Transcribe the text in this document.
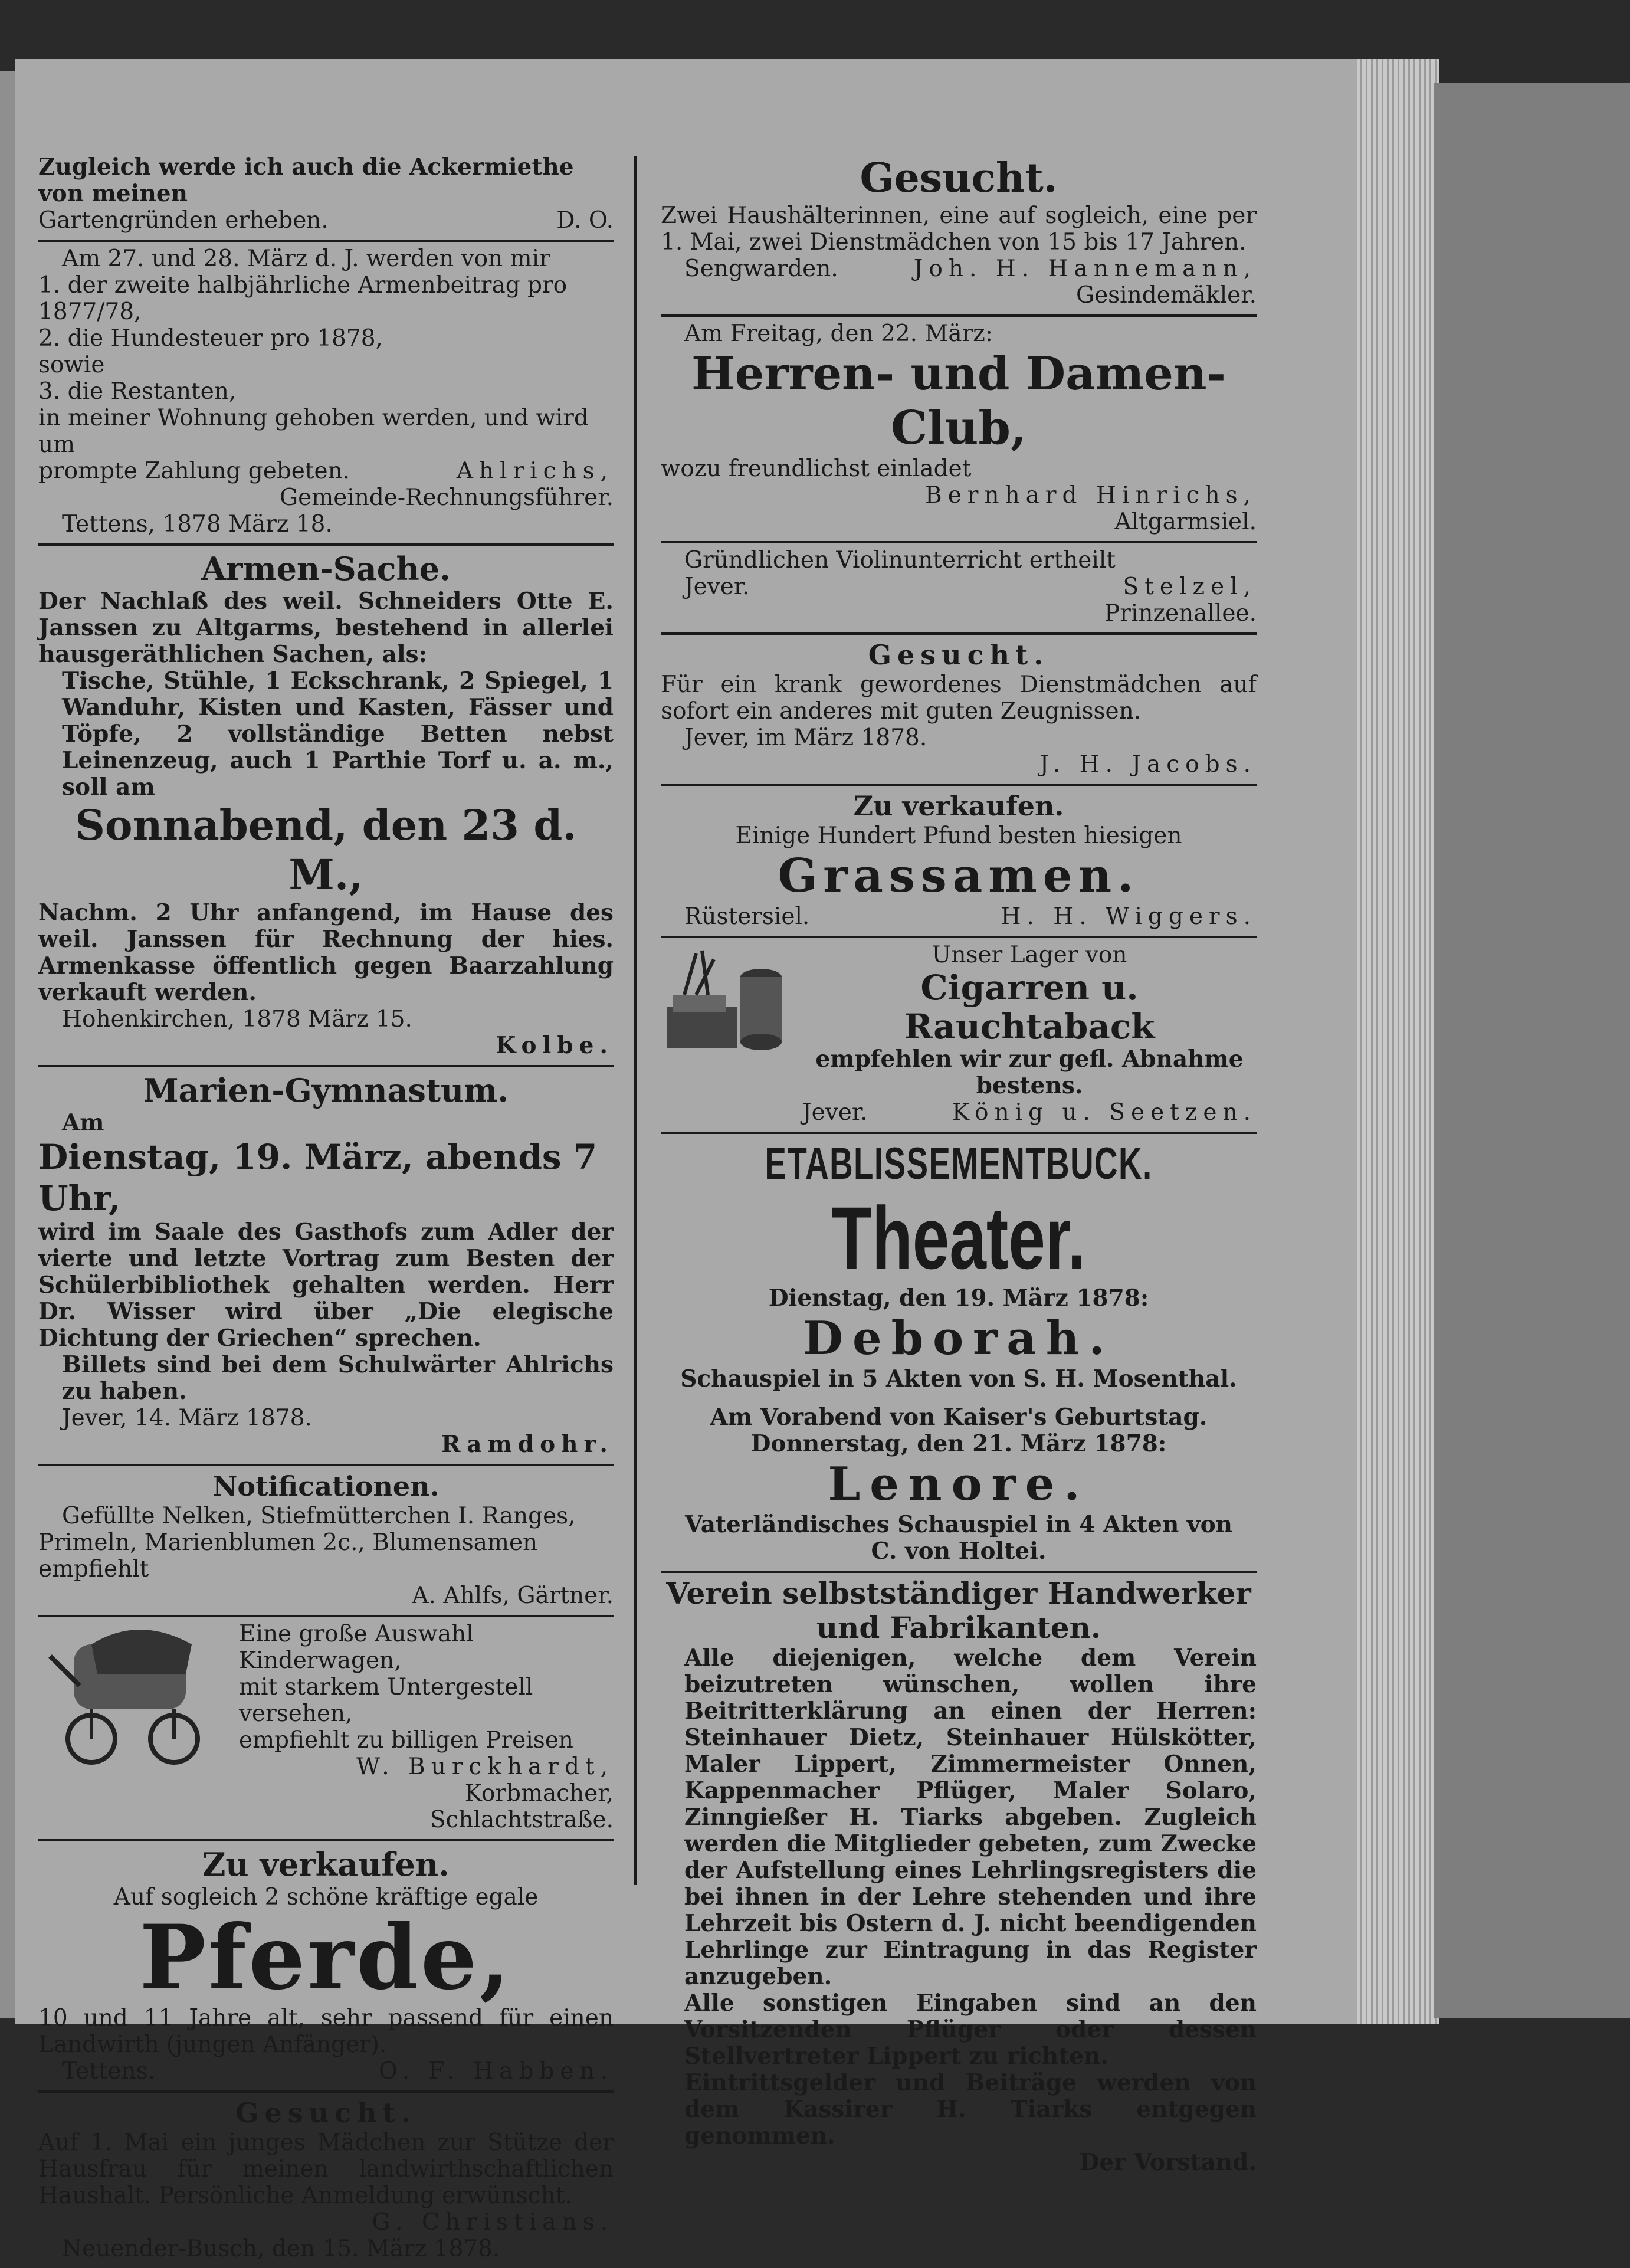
Zugleich werde ich auch die Ackermiethe von meinen
Gartengründen erheben.	D. O.
Am 27. und 28. März d. J. werden von mir
1. der zweite halbjährliche Armenbeitrag pro 1877/78,
2. die Hundesteuer pro 1878,
sowie
3. die Restanten,
in meiner Wohnung gehoben werden, und wird um
prompte Zahlung gebeten.	Ahlrichs,
Gemeinde-Rechnungsführer.
Tettens, 1878 März 18.
Armen-Sache.
Der Nachlaß des weil. Schneiders Otte E. Janssen zu Altgarms, bestehend in allerlei hausgeräthlichen Sachen, als:
Tische, Stühle, 1 Eckschrank, 2 Spiegel, 1 Wanduhr, Kisten und Kasten, Fässer und Töpfe, 2 vollständige Betten nebst Leinenzeug, auch 1 Parthie Torf u. a. m., soll am
Sonnabend, den 23 d. M.,
Nachm. 2 Uhr anfangend, im Hause des weil. Janssen für Rechnung der hies. Armenkasse öffentlich gegen Baarzahlung verkauft werden.
Hohenkirchen, 1878 März 15.
Kolbe.
Marien-Gymnastum.
Am
Dienstag, 19. März, abends 7 Uhr,
wird im Saale des Gasthofs zum Adler der vierte und letzte Vortrag zum Besten der Schülerbibliothek gehalten werden. Herr Dr. Wisser wird über „Die elegische Dichtung der Griechen“ sprechen.
Billets sind bei dem Schulwärter Ahlrichs zu haben.
Jever, 14. März 1878.
Ramdohr.
Notificationen.
Gefüllte Nelken, Stiefmütterchen I. Ranges,
Primeln, Marienblumen 2c., Blumensamen empfiehlt
A. Ahlfs, Gärtner.
Eine große Auswahl Kinderwagen,
mit starkem Untergestell versehen,
empfiehlt zu billigen Preisen
W. Burckhardt,
Korbmacher,
Schlachtstraße.
Zu verkaufen.
Auf sogleich 2 schöne kräftige egale
Pferde,
10 und 11 Jahre alt, sehr passend für einen Landwirth (jungen Anfänger).
Tettens.	O. F. Habben.
Gesucht.
Auf 1. Mai ein junges Mädchen zur Stütze der Hausfrau für meinen landwirthschaftlichen Haushalt. Persönliche Anmeldung erwünscht.
G. Christians.
Neuender-Busch, den 15. März 1878.
Gesucht.
Zwei Haushälterinnen, eine auf sogleich, eine per 1. Mai, zwei Dienstmädchen von 15 bis 17 Jahren.
Sengwarden.	Joh. H. Hannemann,
Gesindemäkler.
Am Freitag, den 22. März:
Herren- und Damen-Club,
wozu freundlichst einladet
Bernhard Hinrichs,
Altgarmsiel.
Gründlichen Violinunterricht ertheilt
Jever.	Stelzel,
Prinzenallee.
Gesucht.
Für ein krank gewordenes Dienstmädchen auf sofort ein anderes mit guten Zeugnissen.
Jever, im März 1878.
J. H. Jacobs.
Zu verkaufen.
Einige Hundert Pfund besten hiesigen
Grassamen.
Rüstersiel.	H. H. Wiggers.
Unser Lager von
Cigarren u. Rauchtaback
empfehlen wir zur gefl. Abnahme bestens.
Jever.	König u. Seetzen.
ETABLISSEMENTBUCK.
Theater.
Dienstag, den 19. März 1878:
Deborah.
Schauspiel in 5 Akten von S. H. Mosenthal.
Am Vorabend von Kaiser's Geburtstag.
Donnerstag, den 21. März 1878:
Lenore.
Vaterländisches Schauspiel in 4 Akten von
C. von Holtei.
Verein selbstständiger Handwerker und Fabrikanten.
Alle diejenigen, welche dem Verein beizutreten wünschen, wollen ihre Beitritterklärung an einen der Herren: Steinhauer Dietz, Steinhauer Hülskötter, Maler Lippert, Zimmermeister Onnen, Kappenmacher Pflüger, Maler Solaro, Zinngießer H. Tiarks abgeben. Zugleich werden die Mitglieder gebeten, zum Zwecke der Aufstellung eines Lehrlingsregisters die bei ihnen in der Lehre stehenden und ihre Lehrzeit bis Ostern d. J. nicht beendigenden Lehrlinge zur Eintragung in das Register anzugeben.
Alle sonstigen Eingaben sind an den Vorsitzenden Pflüger oder dessen Stellvertreter Lippert zu richten.
Eintrittsgelder und Beiträge werden von dem Kassirer H. Tiarks entgegen genommen.
Der Vorstand.
